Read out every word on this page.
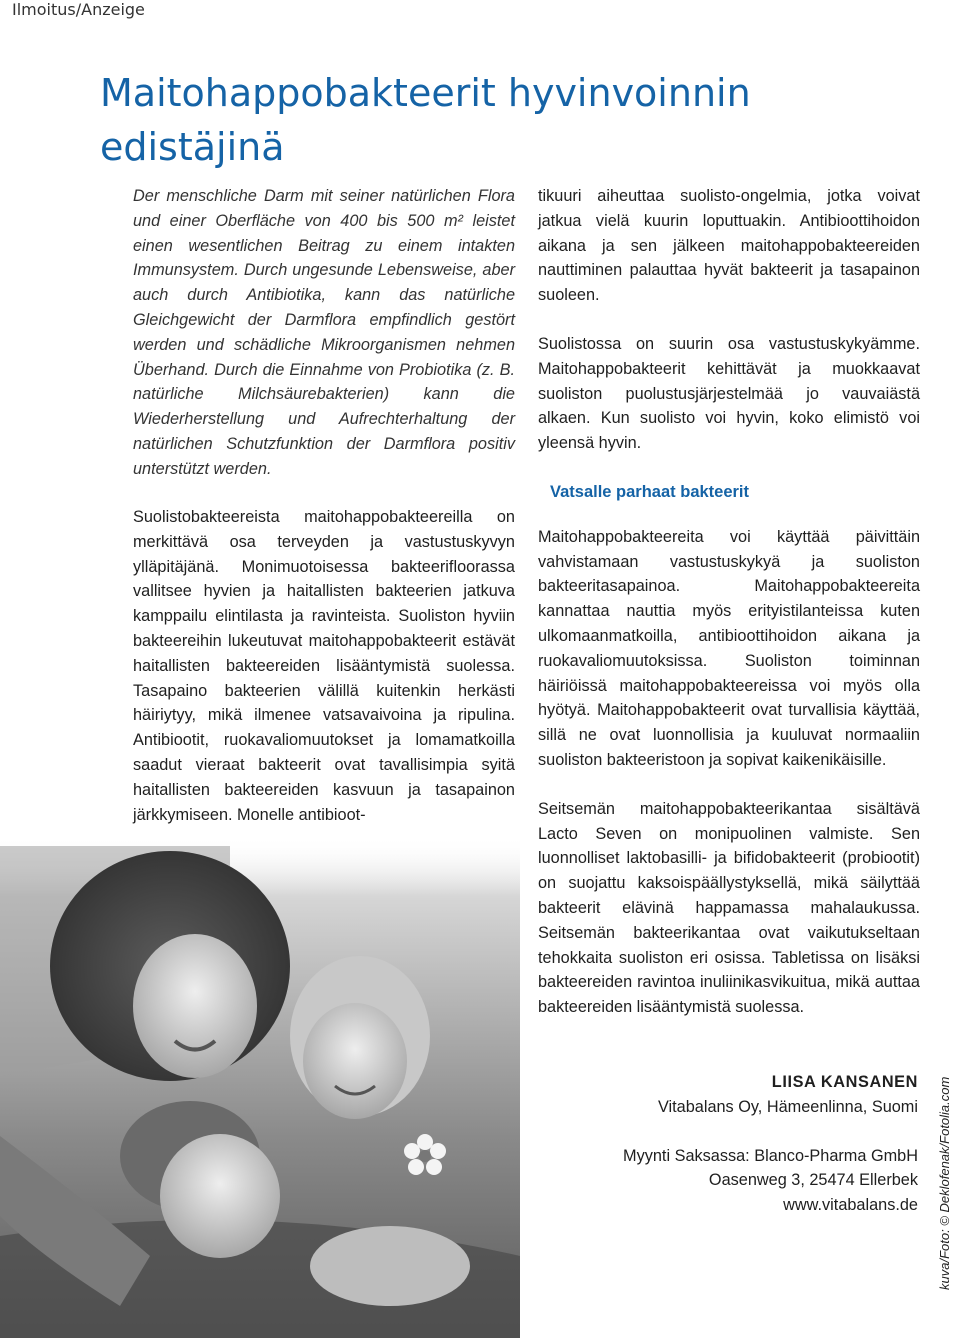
Ilmoitus/Anzeige
Maitohappobakteerit hyvinvoinnin edistäjinä

Der menschliche Darm mit seiner natürlichen Flora und einer Oberfläche von 400 bis 500 m² leistet einen wesentlichen Beitrag zu einem intakten Immunsystem. Durch ungesunde Lebensweise, aber auch durch Antibiotika, kann das natürliche Gleichgewicht der Darmflora empfindlich gestört werden und schädliche Mikroorganismen nehmen Überhand. Durch die Einnahme von Probiotika (z. B. natürliche Milchsäurebakterien) kann die Wiederherstellung und Aufrechterhaltung der natürlichen Schutzfunktion der Darmflora positiv unterstützt werden.

Suolistobakteereista maitohappobakteereilla on merkittävä osa terveyden ja vastustuskyvyn ylläpitäjänä. Monimuotoisessa bakteerifloorassa vallitsee hyvien ja haitallisten bakteerien jatkuva kamppailu elintilasta ja ravinteista. Suoliston hyviin bakteereihin lukeutuvat maitohappobakteerit estävät haitallisten bakteereiden lisääntymistä suolessa. Tasapaino bakteerien välillä kuitenkin herkästi häiriytyy, mikä ilmenee vatsavaivoina ja ripulina. Antibiootit, ruokavaliomuutokset ja lomamatkoilla saadut vieraat bakteerit ovat tavallisimpia syitä haitallisten bakteereiden kasvuun ja tasapainon järkkymiseen. Monelle antibioot-

tikuuri aiheuttaa suolisto-ongelmia, jotka voivat jatkua vielä kuurin loputtuakin. Antibioottihoidon aikana ja sen jälkeen maitohappobakteereiden nauttiminen palauttaa hyvät bakteerit ja tasapainon suoleen.

Suolistossa on suurin osa vastustuskykyämme. Maitohappobakteerit kehittävät ja muokkaavat suoliston puolustusjärjestelmää jo vauvaiästä alkaen. Kun suolisto voi hyvin, koko elimistö voi yleensä hyvin.

Vatsalle parhaat bakteerit

Maitohappobakteereita voi käyttää päivittäin vahvistamaan vastustuskykyä ja suoliston bakteeritasapainoa. Maitohappobakteereita kannattaa nauttia myös erityistilanteissa kuten ulkomaanmatkoilla, antibioottihoidon aikana ja ruokavaliomuutoksissa. Suoliston toiminnan häiriöissä maitohappobakteereissa voi myös olla hyötyä. Maitohappobakteerit ovat turvallisia käyttää, sillä ne ovat luonnollisia ja kuuluvat normaaliin suoliston bakteeristoon ja sopivat kaikenikäisille.

Seitsemän maitohappobakteerikantaa sisältävä Lacto Seven on monipuolinen valmiste. Sen luonnolliset laktobasilli- ja bifidobakteerit (probiootit) on suojattu kaksoispäällystyksellä, mikä säilyttää bakteerit elävinä happamassa mahalaukussa. Seitsemän bakteerikantaa ovat vaikutukseltaan tehokkaita suoliston eri osissa. Tabletissa on lisäksi bakteereiden ravintoa inuliinikasvikuitua, mikä auttaa bakteereiden lisääntymistä suolessa.

LIISA KANSANEN
Vitabalans Oy, Hämeenlinna, Suomi
Myynti Saksassa: Blanco-Pharma GmbH
Oasenweg 3, 25474 Ellerbek
www.vitabalans.de kuva/Foto: © Deklofenak/Fotolia.com
